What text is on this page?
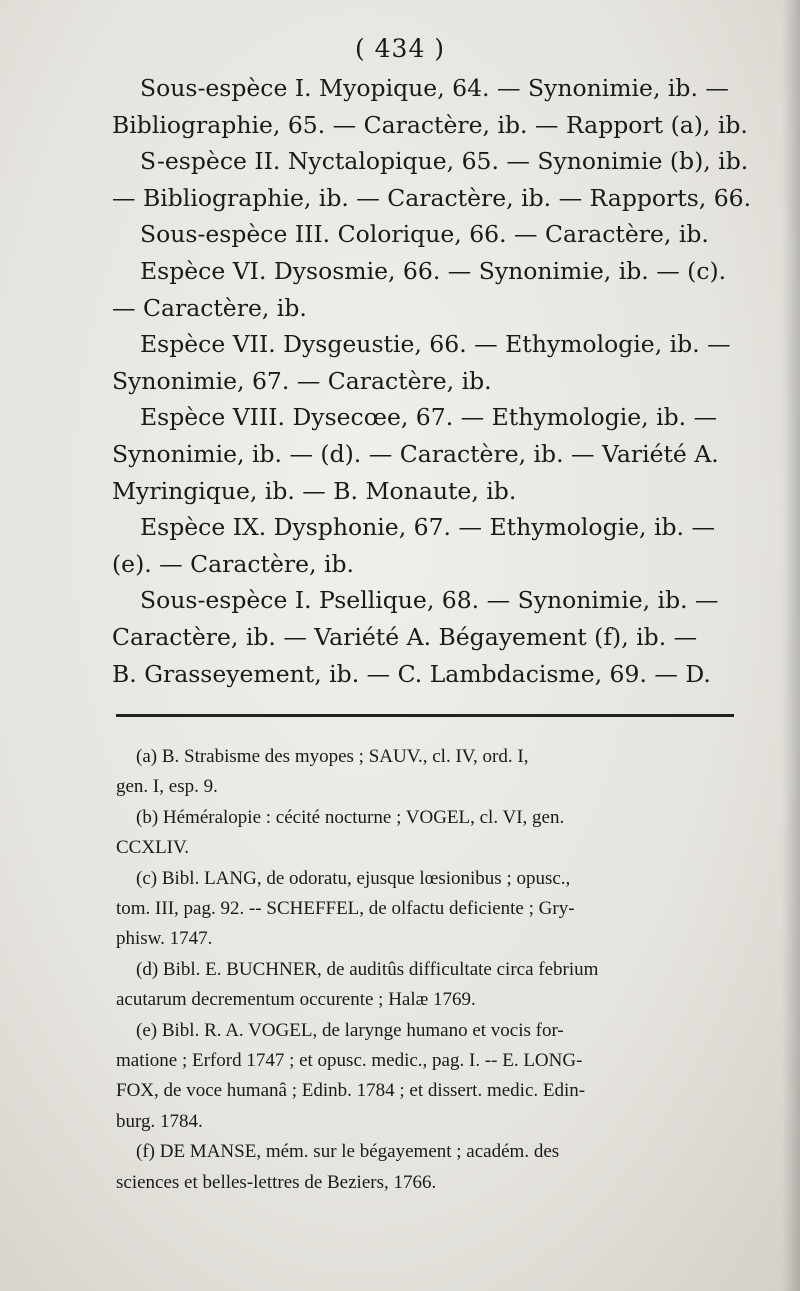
( 434 )
Sous-espèce I. Myopique, 64. — Synonimie, ib. —
Bibliographie, 65. — Caractère, ib. — Rapport (a), ib.
S-espèce II. Nyctalopique, 65. — Synonimie (b), ib.
— Bibliographie, ib. — Caractère, ib. — Rapports, 66.
Sous-espèce III. Colorique, 66. — Caractère, ib.
Espèce VI. Dysosmie, 66. — Synonimie, ib. — (c).
— Caractère, ib.
Espèce VII. Dysgeustie, 66. — Ethymologie, ib. —
Synonimie, 67. — Caractère, ib.
Espèce VIII. Dysecœe, 67. — Ethymologie, ib. —
Synonimie, ib. — (d). — Caractère, ib. — Variété A.
Myringique, ib. — B. Monaute, ib.
Espèce IX. Dysphonie, 67. — Ethymologie, ib. —
(e). — Caractère, ib.
Sous-espèce I. Psellique, 68. — Synonimie, ib. —
Caractère, ib. — Variété A. Bégayement (f), ib. —
B. Grasseyement, ib. — C. Lambdacisme, 69. — D.
(a) B. Strabisme des myopes ; SAUV., cl. IV, ord. I,
gen. I, esp. 9.
(b) Héméralopie : cécité nocturne ; VOGEL, cl. VI, gen.
CCXLIV.
(c) Bibl. LANG, de odoratu, ejusque lœsionibus ; opusc.,
tom. III, pag. 92. -- SCHEFFEL, de olfactu deficiente ; Gry-
phisw. 1747.
(d) Bibl. E. BUCHNER, de auditûs difficultate circa febrium
acutarum decrementum occurente ; Halæ 1769.
(e) Bibl. R. A. VOGEL, de larynge humano et vocis for-
matione ; Erford 1747 ; et opusc. medic., pag. I. -- E. LONG-
FOX, de voce humanâ ; Edinb. 1784 ; et dissert. medic. Edin-
burg. 1784.
(f) DE MANSE, mém. sur le bégayement ; académ. des
sciences et belles-lettres de Beziers, 1766.
